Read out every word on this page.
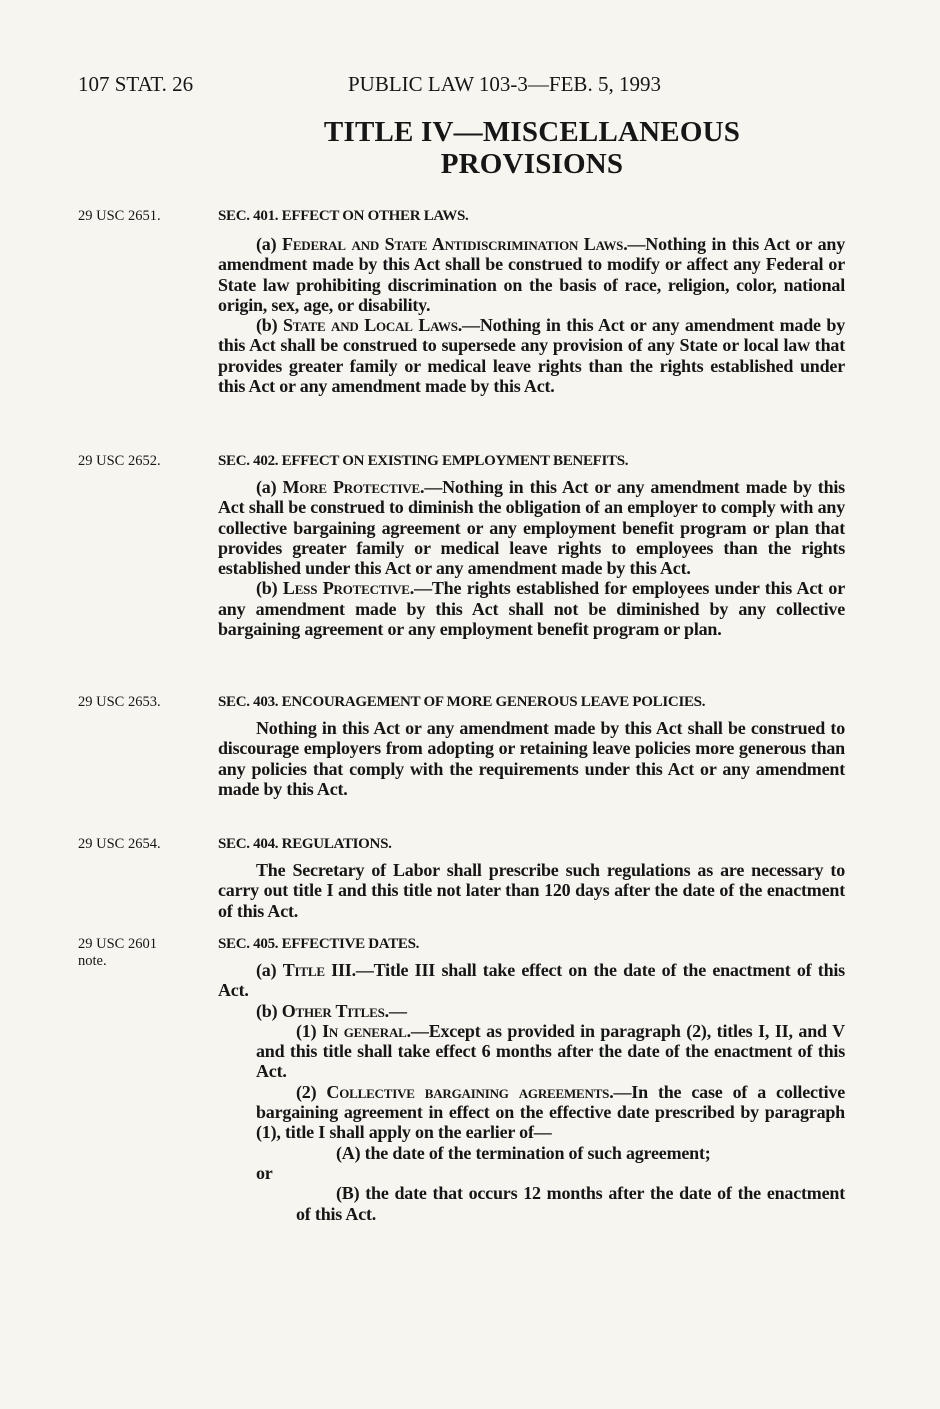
107 STAT. 26	PUBLIC LAW 103-3—FEB. 5, 1993
TITLE IV—MISCELLANEOUS
PROVISIONS
29 USC 2651.	SEC. 401. EFFECT ON OTHER LAWS.

(a) Federal and State Antidiscrimination Laws.—Nothing in this Act or any amendment made by this Act shall be construed to modify or affect any Federal or State law prohibiting discrimination on the basis of race, religion, color, national origin, sex, age, or disability.

(b) State and Local Laws.—Nothing in this Act or any amendment made by this Act shall be construed to supersede any provision of any State or local law that provides greater family or medical leave rights than the rights established under this Act or any amendment made by this Act.

29 USC 2652.	SEC. 402. EFFECT ON EXISTING EMPLOYMENT BENEFITS.

(a) More Protective.—Nothing in this Act or any amendment made by this Act shall be construed to diminish the obligation of an employer to comply with any collective bargaining agreement or any employment benefit program or plan that provides greater family or medical leave rights to employees than the rights established under this Act or any amendment made by this Act.

(b) Less Protective.—The rights established for employees under this Act or any amendment made by this Act shall not be diminished by any collective bargaining agreement or any employment benefit program or plan.

29 USC 2653.	SEC. 403. ENCOURAGEMENT OF MORE GENEROUS LEAVE POLICIES.

Nothing in this Act or any amendment made by this Act shall be construed to discourage employers from adopting or retaining leave policies more generous than any policies that comply with the requirements under this Act or any amendment made by this Act.

29 USC 2654.	SEC. 404. REGULATIONS.

The Secretary of Labor shall prescribe such regulations as are necessary to carry out title I and this title not later than 120 days after the date of the enactment of this Act.

29 USC 2601
note.
SEC. 405. EFFECTIVE DATES.

(a) Title III.—Title III shall take effect on the date of the enactment of this Act.

(b) Other Titles.—

(1) In general.—Except as provided in paragraph (2), titles I, II, and V and this title shall take effect 6 months after the date of the enactment of this Act.

(2) Collective bargaining agreements.—In the case of a collective bargaining agreement in effect on the effective date prescribed by paragraph (1), title I shall apply on the earlier of—

(A) the date of the termination of such agreement;

or

(B) the date that occurs 12 months after the date of the enactment of this Act.
